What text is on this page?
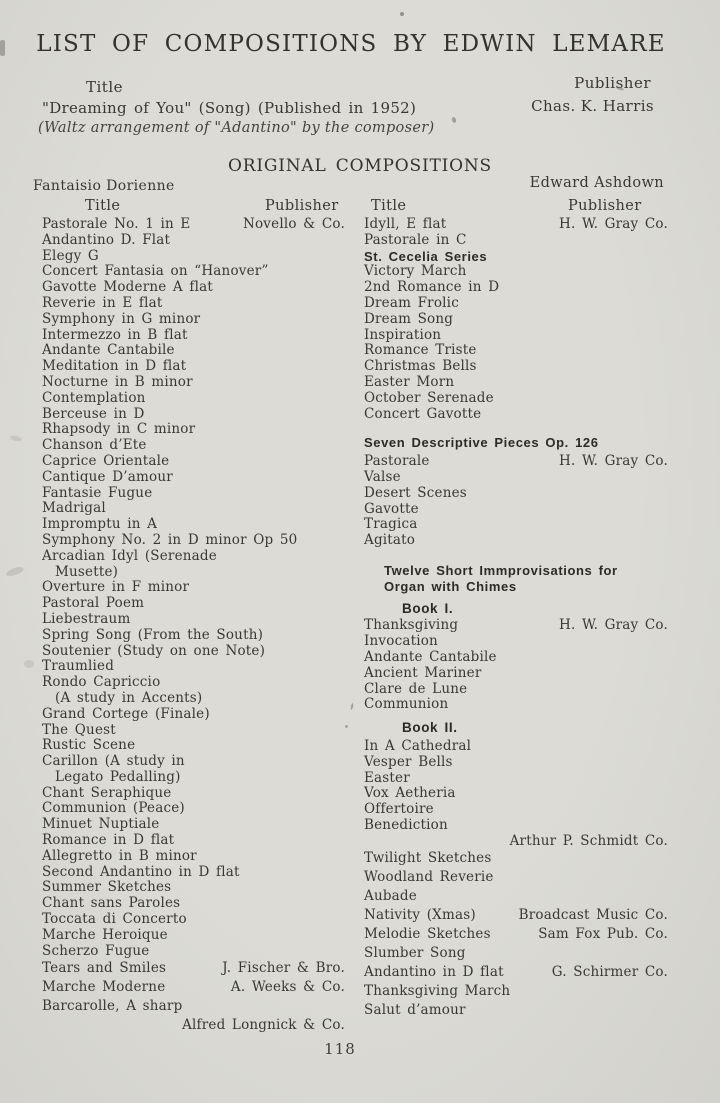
LIST OF COMPOSITIONS BY EDWIN LEMARE
Title	Publisher
"Dreaming of You" (Song) (Published in 1952)	Chas. K. Harris
(Waltz arrangement of "Adantino" by the composer)
ORIGINAL COMPOSITIONS
Fantaisio Dorienne	Edward Ashdown
Title	Publisher Title	Publisher
Pastorale No. 1 in E	Novello & Co.
Andantino D. Flat
Elegy G
Concert Fantasia on “Hanover”
Gavotte Moderne A flat
Reverie in E flat
Symphony in G minor
Intermezzo in B flat
Andante Cantabile
Meditation in D flat
Nocturne in B minor
Contemplation
Berceuse in D
Rhapsody in C minor
Chanson d’Ete
Caprice Orientale
Cantique D’amour
Fantasie Fugue
Madrigal
Impromptu in A
Symphony No. 2 in D minor Op 50
Arcadian Idyl (Serenade
Musette)
Overture in F minor
Pastoral Poem
Liebestraum
Spring Song (From the South)
Soutenier (Study on one Note)
Traumlied
Rondo Capriccio
(A study in Accents)
Grand Cortege (Finale)
The Quest
Rustic Scene
Carillon (A study in
Legato Pedalling)
Chant Seraphique
Communion (Peace)
Minuet Nuptiale
Romance in D flat
Allegretto in B minor
Second Andantino in D flat
Summer Sketches
Chant sans Paroles
Toccata di Concerto
Marche Heroique
Scherzo Fugue
Tears and Smiles	J. Fischer & Bro.
Marche Moderne	A. Weeks & Co.
Barcarolle, A sharp
Alfred Longnick & Co.
Idyll, E flat	H. W. Gray Co.
Pastorale in C
St. Cecelia Series
Victory March
2nd Romance in D
Dream Frolic
Dream Song
Inspiration
Romance Triste
Christmas Bells
Easter Morn
October Serenade
Concert Gavotte
Seven Descriptive Pieces Op. 126
Pastorale	H. W. Gray Co.
Valse
Desert Scenes
Gavotte
Tragica
Agitato
Twelve Short Immprovisations for
Organ with Chimes
Book I.
Thanksgiving	H. W. Gray Co.
Invocation
Andante Cantabile
Ancient Mariner
Clare de Lune
Communion
Book II.
In A Cathedral
Vesper Bells
Easter
Vox Aetheria
Offertoire
Benediction
Arthur P. Schmidt Co.
Twilight Sketches
Woodland Reverie
Aubade
Nativity (Xmas)	Broadcast Music Co.
Melodie Sketches	Sam Fox Pub. Co.
Slumber Song
Andantino in D flat	G. Schirmer Co.
Thanksgiving March
Salut d’amour
118
